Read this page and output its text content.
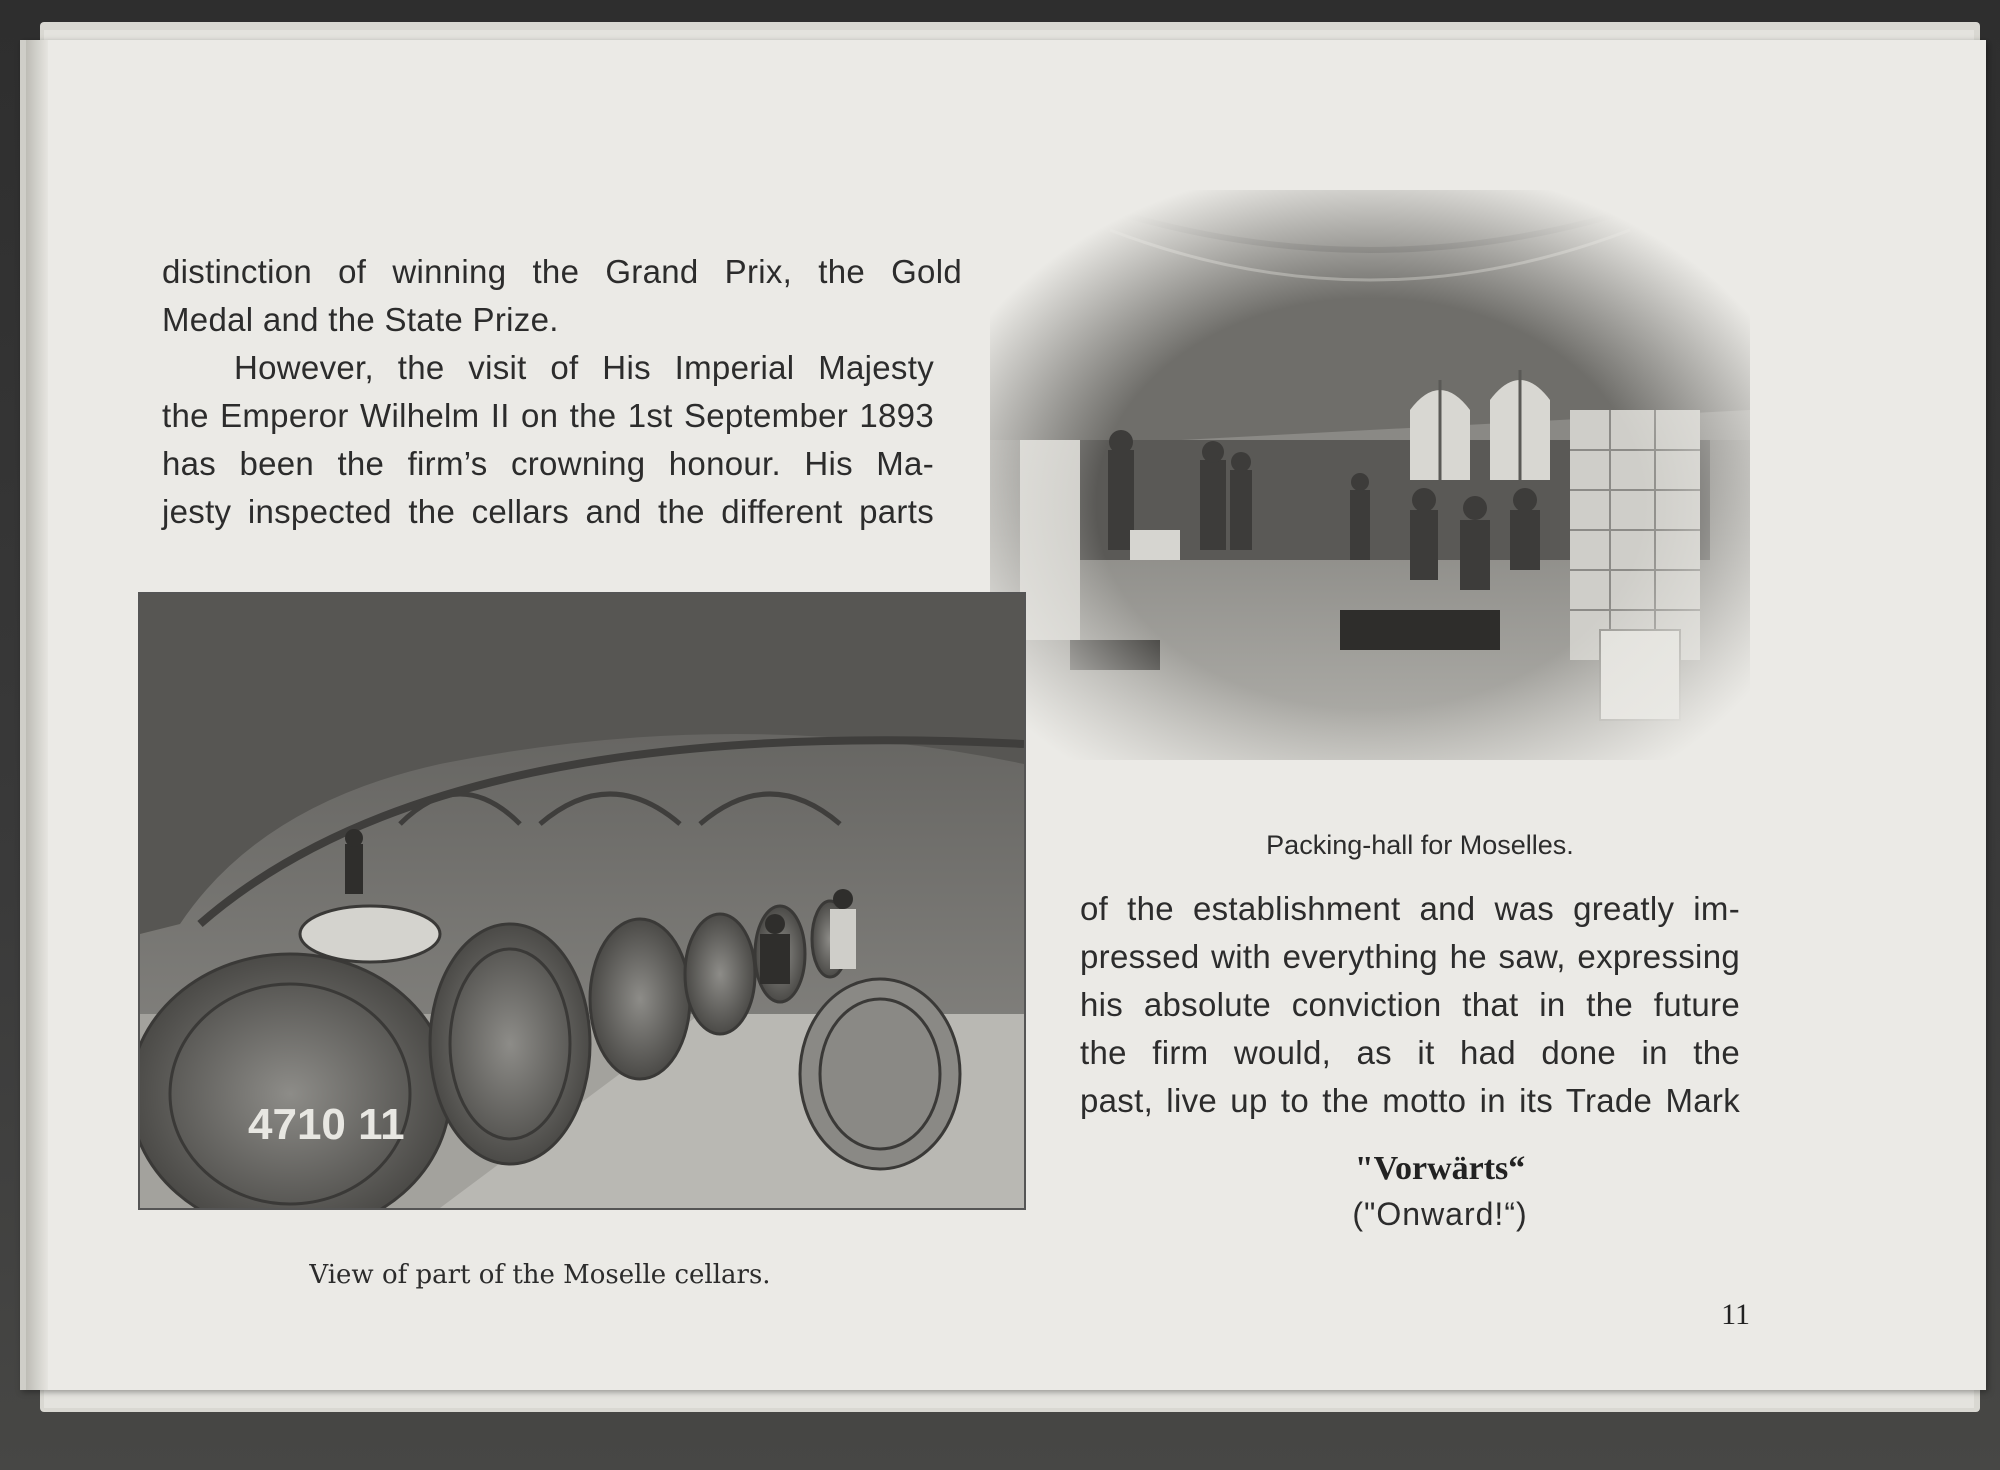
distinction of winning the Grand Prix, the Gold
Medal and the State Prize.
However, the visit of His Imperial Majesty
the Emperor Wilhelm II on the 1st September 1893
has been the firm’s crowning honour. His Ma-
jesty inspected the cellars and the different parts
Packing-hall for Moselles.
4710 11
View of part of the Moselle cellars.
of the establishment and was greatly im-
pressed with everything he saw, expressing
his absolute conviction that in the future
the firm would, as it had done in the
past, live up to the motto in its Trade Mark
"Vorwärts“
("Onward!“)
11
